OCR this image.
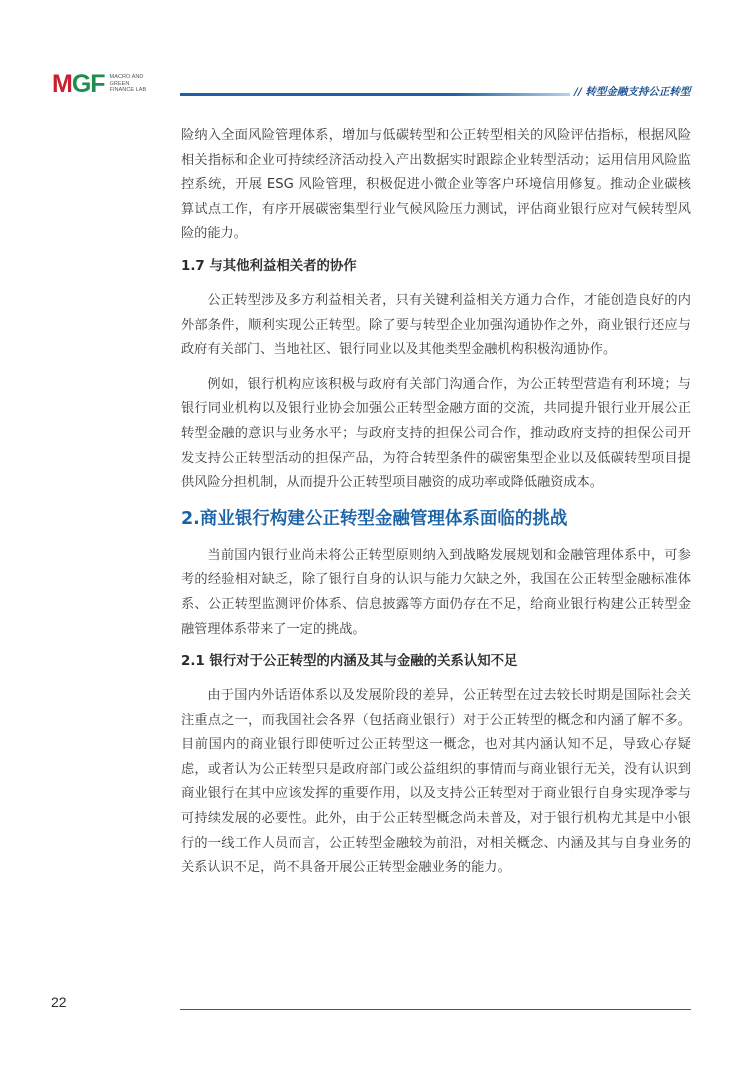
MGF MACRO AND
GREEN
FINANCE LAB	// 转型金融支持公正转型

险纳入全面风险管理体系，增加与低碳转型和公正转型相关的风险评估指标，根据风险相关指标和企业可持续经济活动投入产出数据实时跟踪企业转型活动；运用信用风险监控系统，开展 ESG 风险管理，积极促进小微企业等客户环境信用修复。推动企业碳核算试点工作，有序开展碳密集型行业气候风险压力测试，评估商业银行应对气候转型风险的能力。

1.7 与其他利益相关者的协作

公正转型涉及多方利益相关者，只有关键利益相关方通力合作，才能创造良好的内外部条件，顺利实现公正转型。除了要与转型企业加强沟通协作之外，商业银行还应与政府有关部门、当地社区、银行同业以及其他类型金融机构积极沟通协作。

例如，银行机构应该积极与政府有关部门沟通合作，为公正转型营造有利环境；与银行同业机构以及银行业协会加强公正转型金融方面的交流，共同提升银行业开展公正转型金融的意识与业务水平；与政府支持的担保公司合作，推动政府支持的担保公司开发支持公正转型活动的担保产品，为符合转型条件的碳密集型企业以及低碳转型项目提供风险分担机制，从而提升公正转型项目融资的成功率或降低融资成本。

2.商业银行构建公正转型金融管理体系面临的挑战

当前国内银行业尚未将公正转型原则纳入到战略发展规划和金融管理体系中，可参考的经验相对缺乏，除了银行自身的认识与能力欠缺之外，我国在公正转型金融标准体系、公正转型监测评价体系、信息披露等方面仍存在不足，给商业银行构建公正转型金融管理体系带来了一定的挑战。

2.1 银行对于公正转型的内涵及其与金融的关系认知不足

由于国内外话语体系以及发展阶段的差异，公正转型在过去较长时期是国际社会关注重点之一，而我国社会各界（包括商业银行）对于公正转型的概念和内涵了解不多。目前国内的商业银行即使听过公正转型这一概念，也对其内涵认知不足，导致心存疑虑，或者认为公正转型只是政府部门或公益组织的事情而与商业银行无关，没有认识到商业银行在其中应该发挥的重要作用，以及支持公正转型对于商业银行自身实现净零与可持续发展的必要性。此外，由于公正转型概念尚未普及，对于银行机构尤其是中小银行的一线工作人员而言，公正转型金融较为前沿，对相关概念、内涵及其与自身业务的关系认识不足，尚不具备开展公正转型金融业务的能力。

22
